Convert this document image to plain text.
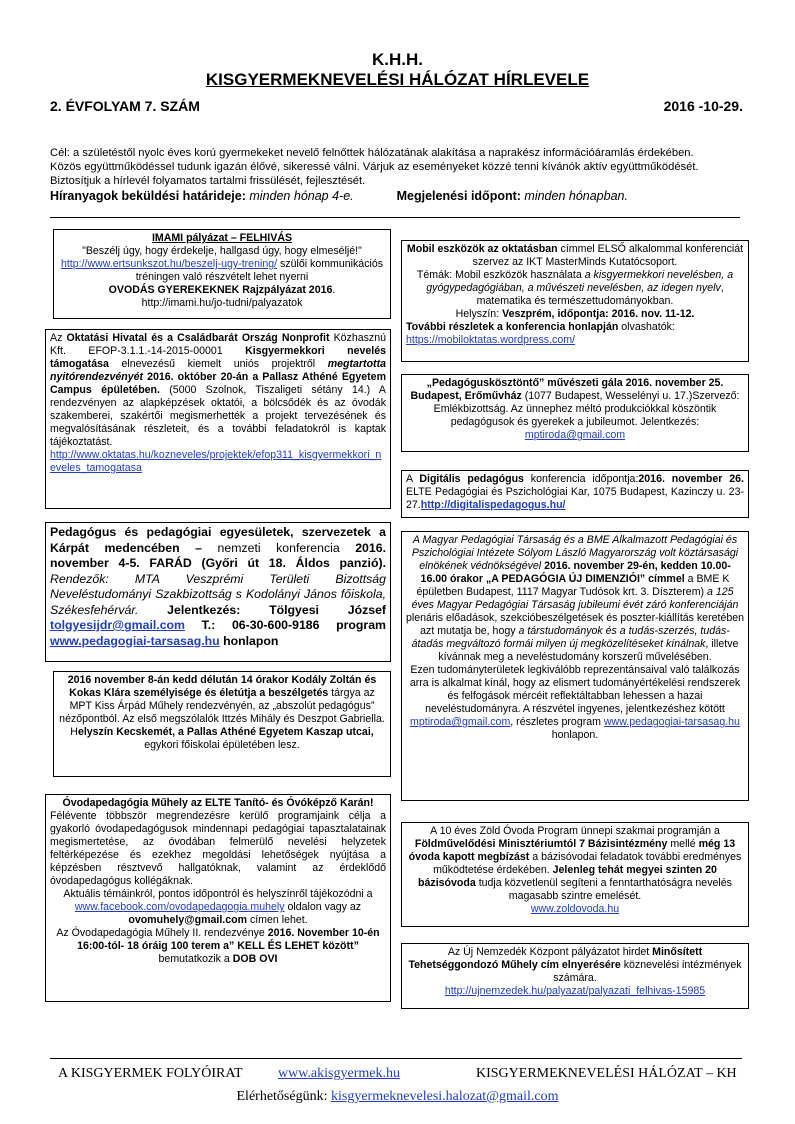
K.H.H.
KISGYERMEKNEVELÉSI HÁLÓZAT HÍRLEVELE
2. ÉVFOLYAM 7. SZÁM	2016 -10-29.
Cél: a születéstől nyolc éves korú gyermekeket nevelő felnőttek hálózatának alakítása a naprakész információáramlás érdekében.
Közös együttműködéssel tudunk igazán élővé, sikeressé válni. Várjuk az eseményeket közzé tenni kívánók aktív együttműködését.
Biztosítjuk a hírlevél folyamatos tartalmi frissülését, fejlesztését.
Híranyagok beküldési határideje: minden hónap 4-e.	Megjelenési időpont: minden hónapban.
IMAMI pályázat – FELHIVÁS
"Beszélj úgy, hogy érdekelje, hallgasd úgy, hogy elmeséljé!"
http://www.ertsunkszot.hu/beszelj-ugy-trening/ szülői kommunikációs tréningen való részvételt lehet nyerni
OVODÁS GYEREKEKNEK Rajzpályázat 2016.
http://imami.hu/jo-tudni/palyazatok
Az Oktatási Hivatal és a Családbarát Ország Nonprofit Közhasznú Kft. EFOP-3.1.1.-14-2015-00001 Kisgyermekkori nevelés támogatása elnevezésű kiemelt uniós projektről megtartotta nyitórendezvényét 2016. október 20-án a Pallasz Athéné Egyetem Campus épületében. (5000 Szolnok, Tiszaligeti sétány 14.) A rendezvényen az alapképzések oktatói, a bölcsődék és az óvodák szakemberei, szakértői megismerhették a projekt tervezésének és megvalósításának részleteit, és a további feladatokról is kaptak tájékoztatást.
http://www.oktatas.hu/kozneveles/projektek/efop311_kisgyermekkori_neveles_tamogatasa
Pedagógus és pedagógiai egyesületek, szervezetek a Kárpát medencében – nemzeti konferencia 2016. november 4-5. FARÁD (Győri út 18. Áldos panzió). Rendezők: MTA Veszprémi Területi Bizottság Neveléstudományi Szakbizottság s Kodolányi János főiskola, Székesfehérvár. Jelentkezés: Tölgyesi József tolgyesijdr@gmail.com T.: 06-30-600-9186 program www.pedagogiai-tarsasag.hu honlapon
2016 november 8-án kedd délután 14 órakor Kodály Zoltán és Kokas Klára személyisége és életútja a beszélgetés tárgya az MPT Kiss Árpád Műhely rendezvényén, az „abszolút pedagógus” nézőpontból. Az első megszólalók Ittzés Mihály és Deszpot Gabriella. Helyszín Kecskemét, a Pallas Athéné Egyetem Kaszap utcai, egykori főiskolai épületében lesz.
Óvodapedagógia Műhely az ELTE Tanító- és Óvóképző Karán!
Félévente többször megrendezésre kerülő programjaink célja a gyakorló óvodapedagógusok mindennapi pedagógiai tapasztalatainak megismertetése, az óvodában felmerülő nevelési helyzetek feltérképezése és ezekhez megoldási lehetőségek nyújtása a képzésben résztvevő hallgatóknak, valamint az érdeklődő óvodapedagógus kollégáknak.
Aktuális témáinkról, pontos időpontról és helyszínről tájékozódni a www.facebook.com/ovodapedagogia.muhely oldalon vagy az ovomuhely@gmail.com címen lehet.
Az Óvodapedagógia Műhely II. rendezvénye 2016. November 10-én 16:00-tól- 18 óráig 100 terem a” KELL ÉS LEHET között” bemutatkozik a DOB OVI
Mobil eszközök az oktatásban címmel ELSŐ alkalommal konferenciát szervez az IKT MasterMinds Kutatócsoport.
Témák: Mobil eszközök használata a kisgyermekkori nevelésben, a gyógypedagógiában, a művészeti nevelésben, az idegen nyelv, matematika és természettudományokban.
Helyszín: Veszprém, időpontja: 2016. nov. 11-12.
További részletek a konferencia honlapján olvashatók:
https://mobiloktatas.wordpress.com/
„Pedagóguskösztöntő” művészeti gála 2016. november 25. Budapest, Erőművház (1077 Budapest, Wesselényi u. 17.)Szervező: Emlékbizottság. Az ünnephez méltó produkciókkal köszöntik pedagógusok és gyerekek a jubileumot. Jelentkezés: mptiroda@gmail.com
A Digitális pedagógus konferencia időpontja:2016. november 26. ELTE Pedagógiai és Pszichológiai Kar, 1075 Budapest, Kazinczy u. 23-27.http://digitalispedagogus.hu/
A Magyar Pedagógiai Társaság és a BME Alkalmazott Pedagógiai és Pszichológiai Intézete Sólyom László Magyarország volt köztársasági elnökének védnökségével 2016. november 29-én, kedden 10.00-16.00 órakor „A PEDAGÓGIA ÚJ DIMENZIÓI” címmel a BME K épületben Budapest, 1117 Magyar Tudósok krt. 3. Díszterem) a 125 éves Magyar Pedagógiai Társaság jubileumi évét záró konferenciáján plenáris előadások, szekcióbeszélgetések és poszter-kiállítás keretében azt mutatja be, hogy a társtudományok és a tudás-szerzés, tudás-átadás megváltozó formái milyen új megközelítéseket kínálnak, illetve kívánnak meg a neveléstudomány korszerű művelésében.
Ezen tudományterületek legkiválóbb reprezentánsaival való találkozás arra is alkalmat kínál, hogy az elismert tudományértékelési rendszerek és felfogások mércéit reflektáltabban lehessen a hazai neveléstudományra. A részvétel ingyenes, jelentkezéshez kötött mptiroda@gmail.com, részletes program www.pedagogiai-tarsasag.hu honlapon.
A 10 éves Zöld Óvoda Program ünnepi szakmai programján a Földművelődési Minisztériumtól 7 Bázisintézmény mellé még 13 óvoda kapott megbízást a bázisóvodai feladatok további eredményes működtetése érdekében. Jelenleg tehát megyei szinten 20 bázisóvoda tudja közvetlenül segíteni a fenntarthatóságra nevelés magasabb szintre emelését.
www.zoldovoda.hu
Az Új Nemzedék Központ pályázatot hirdet Minősített Tehetséggondozó Műhely cím elnyerésére köznevelési intézmények számára.
http://ujnemzedek.hu/palyazat/palyazati_felhivas-15985
A KISGYERMEK FOLYÓIRAT	www.akisgyermek.hu	KISGYERMEKNEVELÉSI HÁLÓZAT – KH
Elérhetőségünk: kisgyermeknevelesi.halozat@gmail.com
